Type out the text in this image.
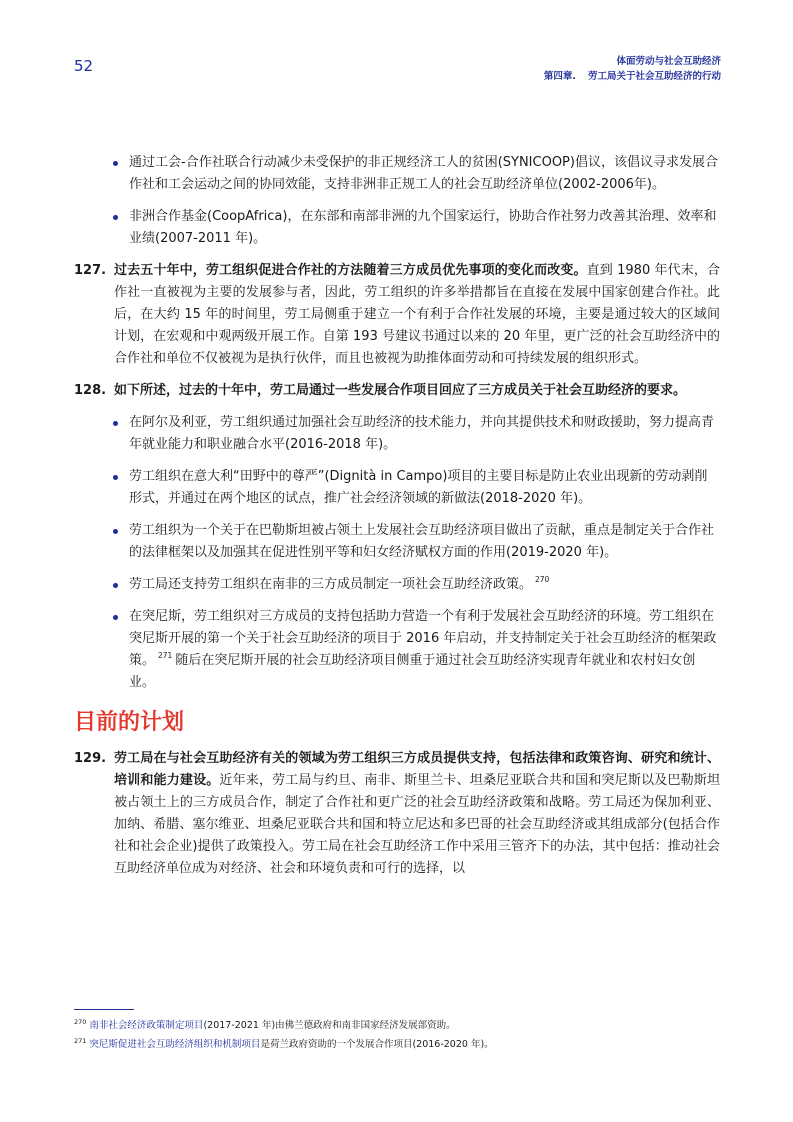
52	体面劳动与社会互助经济
第四章. 劳工局关于社会互助经济的行动
通过工会-合作社联合行动减少未受保护的非正规经济工人的贫困(SYNICOOP)倡议，该倡议寻求发展合作社和工会运动之间的协同效能，支持非洲非正规工人的社会互助经济单位(2002-2006年)。
非洲合作基金(CoopAfrica)，在东部和南部非洲的九个国家运行，协助合作社努力改善其治理、效率和业绩(2007-2011 年)。
127. 过去五十年中，劳工组织促进合作社的方法随着三方成员优先事项的变化而改变。直到 1980 年代末，合作社一直被视为主要的发展参与者，因此，劳工组织的许多举措都旨在直接在发展中国家创建合作社。此后，在大约 15 年的时间里，劳工局侧重于建立一个有利于合作社发展的环境，主要是通过较大的区域间计划，在宏观和中观两级开展工作。自第 193 号建议书通过以来的 20 年里，更广泛的社会互助经济中的合作社和单位不仅被视为是执行伙伴，而且也被视为助推体面劳动和可持续发展的组织形式。
128. 如下所述，过去的十年中，劳工局通过一些发展合作项目回应了三方成员关于社会互助经济的要求。
在阿尔及利亚，劳工组织通过加强社会互助经济的技术能力，并向其提供技术和财政援助，努力提高青年就业能力和职业融合水平(2016-2018 年)。
劳工组织在意大利“田野中的尊严”(Dignità in Campo)项目的主要目标是防止农业出现新的劳动剥削形式，并通过在两个地区的试点，推广社会经济领域的新做法(2018-2020 年)。
劳工组织为一个关于在巴勒斯坦被占领土上发展社会互助经济项目做出了贡献，重点是制定关于合作社的法律框架以及加强其在促进性别平等和妇女经济赋权方面的作用(2019-2020 年)。
劳工局还支持劳工组织在南非的三方成员制定一项社会互助经济政策。 $^{270}$
在突尼斯，劳工组织对三方成员的支持包括助力营造一个有利于发展社会互助经济的环境。劳工组织在突尼斯开展的第一个关于社会互助经济的项目于 2016 年启动，并支持制定关于社会互助经济的框架政策。 $^{271}$ 随后在突尼斯开展的社会互助经济项目侧重于通过社会互助经济实现青年就业和农村妇女创业。
目前的计划
129. 劳工局在与社会互助经济有关的领域为劳工组织三方成员提供支持，包括法律和政策咨询、研究和统计、培训和能力建设。近年来，劳工局与约旦、南非、斯里兰卡、坦桑尼亚联合共和国和突尼斯以及巴勒斯坦被占领土上的三方成员合作，制定了合作社和更广泛的社会互助经济政策和战略。劳工局还为保加利亚、加纳、希腊、塞尔维亚、坦桑尼亚联合共和国和特立尼达和多巴哥的社会互助经济或其组成部分(包括合作社和社会企业)提供了政策投入。劳工局在社会互助经济工作中采用三管齐下的办法，其中包括：推动社会互助经济单位成为对经济、社会和环境负责和可行的选择，以
$^{270}$ 南非社会经济政策制定项目(2017-2021 年)由佛兰德政府和南非国家经济发展部资助。
$^{271}$ 突尼斯促进社会互助经济组织和机制项目是荷兰政府资助的一个发展合作项目(2016-2020 年)。
